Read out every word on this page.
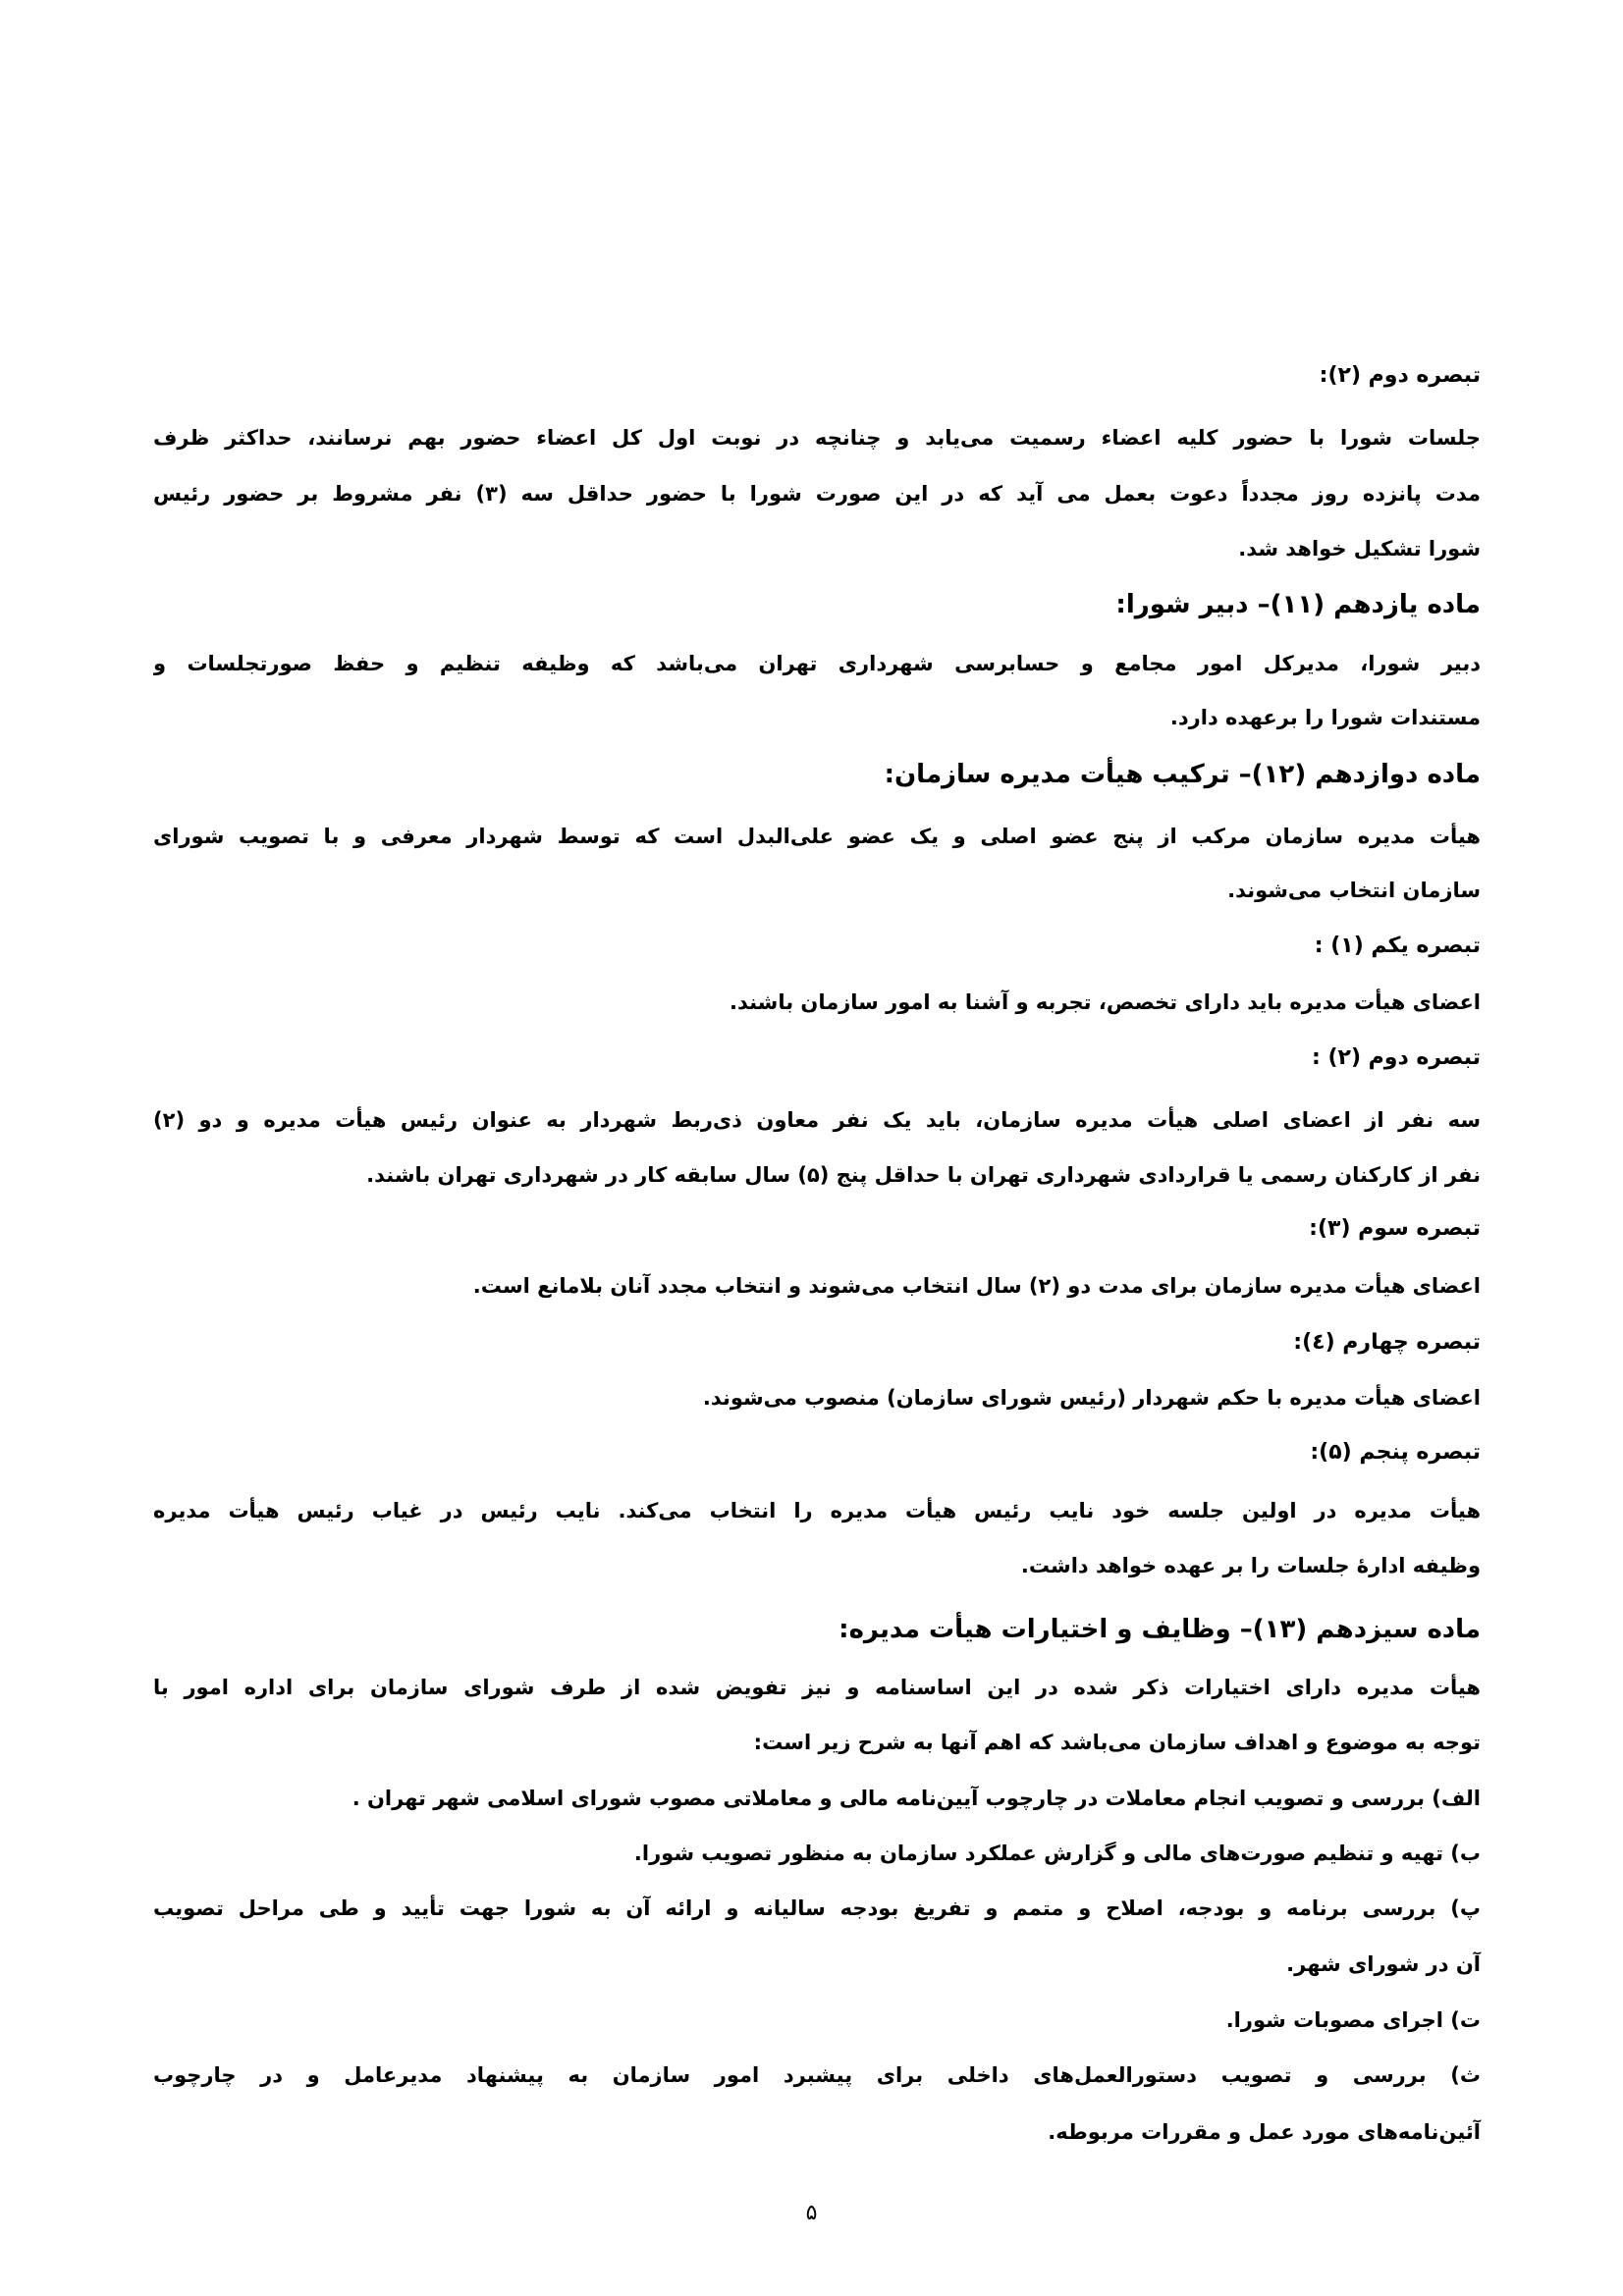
تبصره دوم (۲):
جلسات شورا با حضور کلیه اعضاء رسمیت می‌یابد و چنانچه در نوبت اول کل اعضاء حضور بهم نرسانند، حداکثر ظرف
مدت پانزده روز مجدداً دعوت بعمل می آید که در این صورت شورا با حضور حداقل سه (۳) نفر مشروط بر حضور رئیس
شورا تشکیل خواهد شد.
ماده یازدهم (۱۱)– دبیر شورا:
دبیر شورا، مدیرکل امور مجامع و حسابرسی شهرداری تهران می‌باشد که وظیفه تنظیم و حفظ صورتجلسات و
مستندات شورا را برعهده دارد.
ماده دوازدهم (۱۲)– ترکیب هیأت مدیره سازمان:
هیأت مدیره سازمان مرکب از پنج عضو اصلی و یک عضو علی‌البدل است که توسط شهردار معرفی و با تصویب شورای
سازمان انتخاب می‌شوند.
تبصره یکم (۱) :
اعضای هیأت مدیره باید دارای تخصص، تجربه و آشنا به امور سازمان باشند.
تبصره دوم (۲) :
سه نفر از اعضای اصلی هیأت مدیره سازمان، باید یک نفر معاون ذی‌ربط شهردار به عنوان رئیس هیأت مدیره و دو (۲)
نفر از کارکنان رسمی یا قراردادی شهرداری تهران با حداقل پنج (۵) سال سابقه کار در شهرداری تهران باشند.
تبصره سوم (۳):
اعضای هیأت مدیره سازمان برای مدت دو (۲) سال انتخاب می‌شوند و انتخاب مجدد آنان بلامانع است.
تبصره چهارم (٤):
اعضای هیأت مدیره با حکم شهردار (رئیس شورای سازمان) منصوب می‌شوند.
تبصره پنجم (۵):
هیأت مدیره در اولین جلسه خود نایب رئیس هیأت مدیره را انتخاب می‌کند. نایب رئیس در غیاب رئیس هیأت مدیره
وظیفه ادارهٔ جلسات را بر عهده خواهد داشت.
ماده سیزدهم (۱۳)– وظایف و اختیارات هیأت مدیره:
هیأت مدیره دارای اختیارات ذکر شده در این اساسنامه و نیز تفویض شده از طرف شورای سازمان برای اداره امور با
توجه به موضوع و اهداف سازمان می‌باشد که اهم آنها به شرح زیر است:
الف) بررسی و تصویب انجام معاملات در چارچوب آیین‌نامه مالی و معاملاتی مصوب شورای اسلامی شهر تهران .
ب) تهیه و تنظیم صورت‌های مالی و گزارش عملکرد سازمان به منظور تصویب شورا.
پ) بررسی برنامه و بودجه، اصلاح و متمم و تفریغ بودجه سالیانه و ارائه آن به شورا جهت تأیید و طی مراحل تصویب
آن در شورای شهر.
ت) اجرای مصوبات شورا.
ث) بررسی و تصویب دستورالعمل‌های داخلی برای پیشبرد امور سازمان به پیشنهاد مدیرعامل و در چارچوب
آئین‌نامه‌های مورد عمل و مقررات مربوطه.
۵
